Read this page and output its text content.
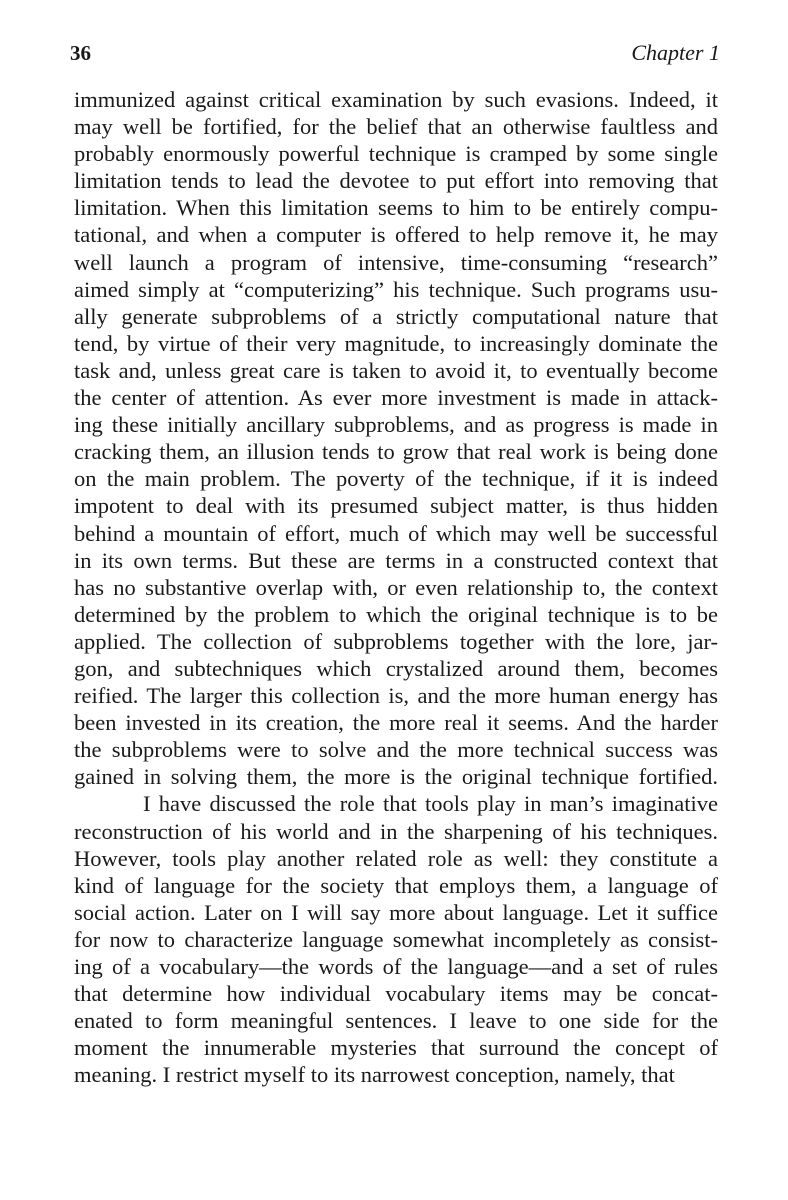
36	Chapter 1
immunized against critical examination by such evasions. Indeed, it
may well be fortified, for the belief that an otherwise faultless and
probably enormously powerful technique is cramped by some single
limitation tends to lead the devotee to put effort into removing that
limitation. When this limitation seems to him to be entirely compu-
tational, and when a computer is offered to help remove it, he may
well launch a program of intensive, time-consuming “research”
aimed simply at “computerizing” his technique. Such programs usu-
ally generate subproblems of a strictly computational nature that
tend, by virtue of their very magnitude, to increasingly dominate the
task and, unless great care is taken to avoid it, to eventually become
the center of attention. As ever more investment is made in attack-
ing these initially ancillary subproblems, and as progress is made in
cracking them, an illusion tends to grow that real work is being done
on the main problem. The poverty of the technique, if it is indeed
impotent to deal with its presumed subject matter, is thus hidden
behind a mountain of effort, much of which may well be successful
in its own terms. But these are terms in a constructed context that
has no substantive overlap with, or even relationship to, the context
determined by the problem to which the original technique is to be
applied. The collection of subproblems together with the lore, jar-
gon, and subtechniques which crystalized around them, becomes
reified. The larger this collection is, and the more human energy has
been invested in its creation, the more real it seems. And the harder
the subproblems were to solve and the more technical success was
gained in solving them, the more is the original technique fortified.
I have discussed the role that tools play in man’s imaginative
reconstruction of his world and in the sharpening of his techniques.
However, tools play another related role as well: they constitute a
kind of language for the society that employs them, a language of
social action. Later on I will say more about language. Let it suffice
for now to characterize language somewhat incompletely as consist-
ing of a vocabulary—the words of the language—and a set of rules
that determine how individual vocabulary items may be concat-
enated to form meaningful sentences. I leave to one side for the
moment the innumerable mysteries that surround the concept of
meaning. I restrict myself to its narrowest conception, namely, that
